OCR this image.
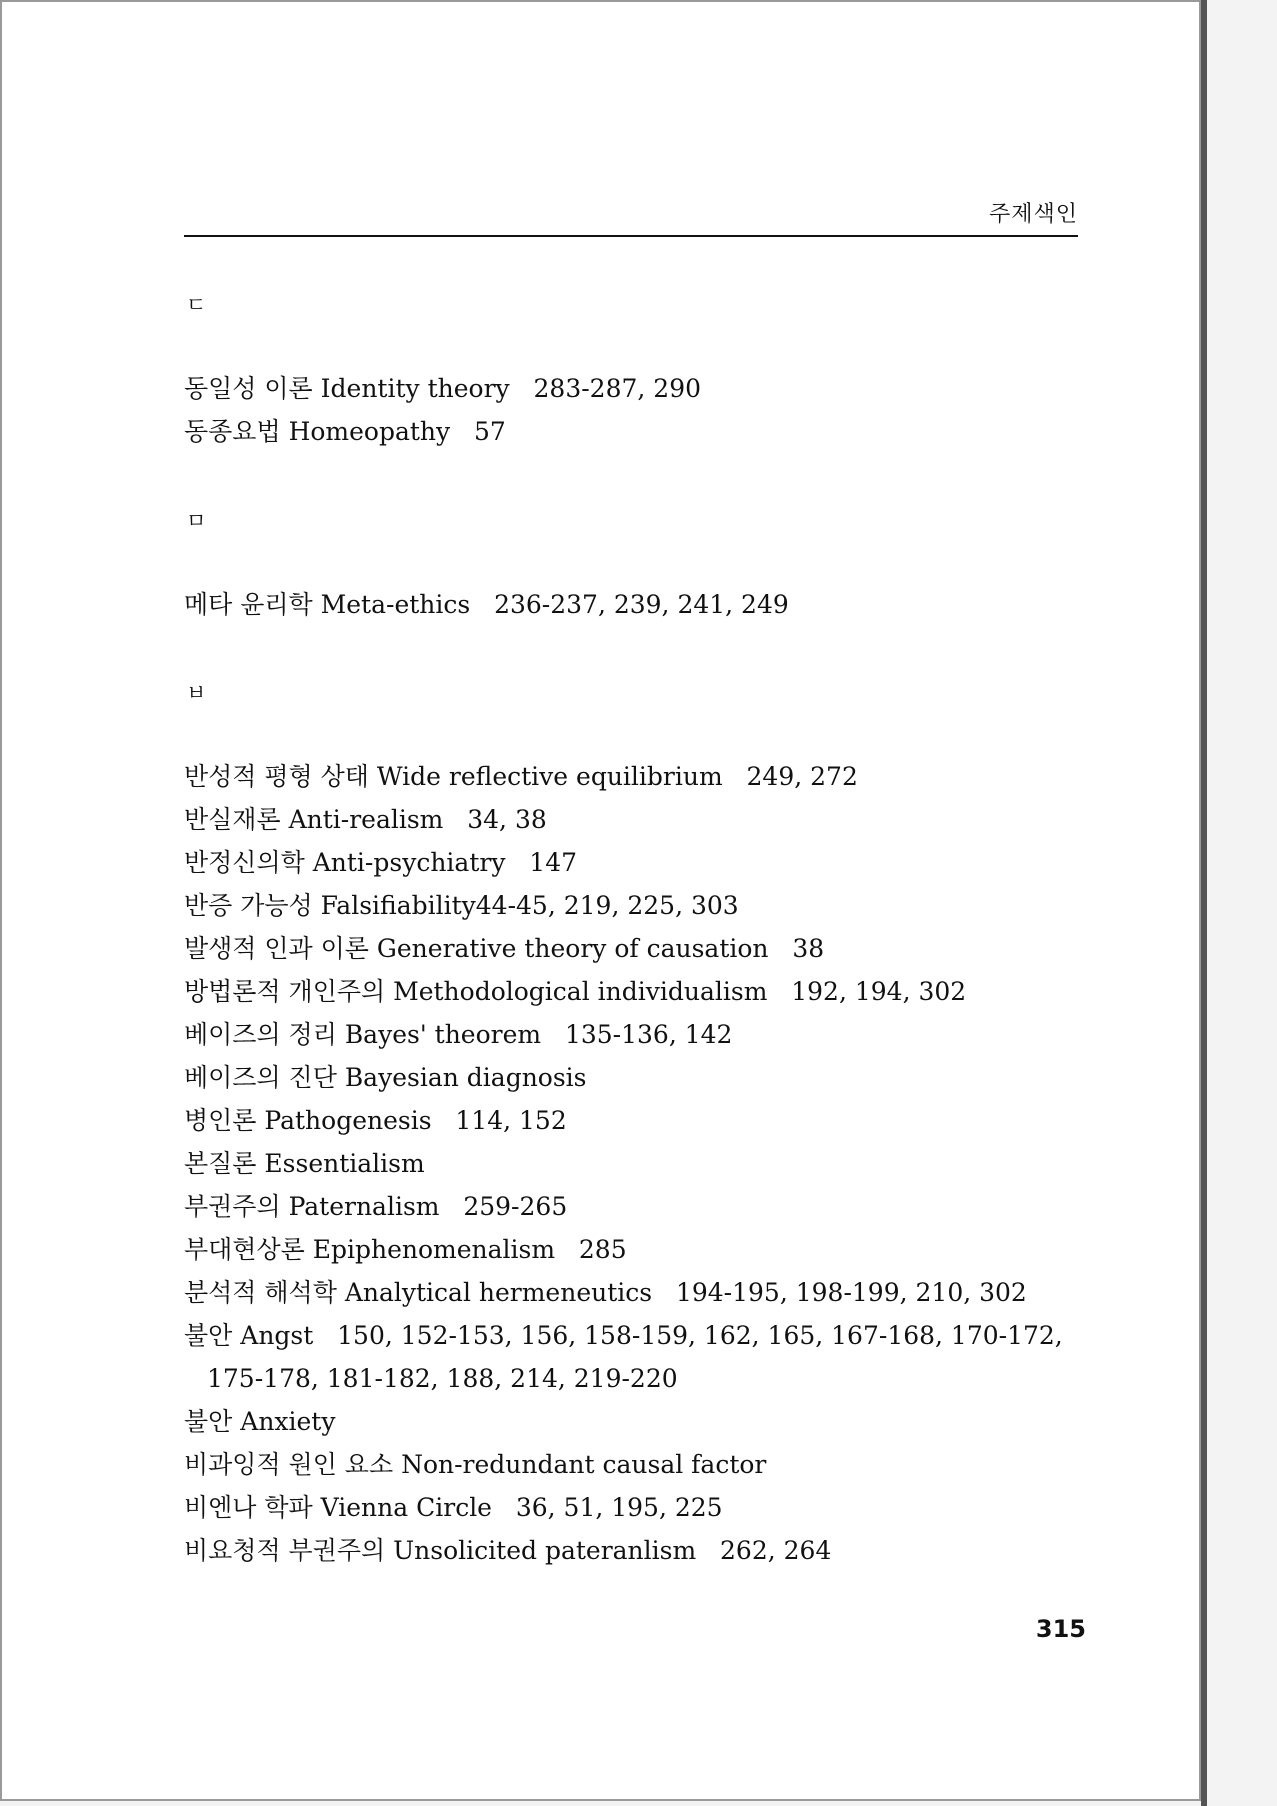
주제색인
ㄷ
동일성 이론 Identity theory 283-287, 290
동종요법 Homeopathy 57
ㅁ
메타 윤리학 Meta-ethics 236-237, 239, 241, 249
ㅂ
반성적 평형 상태 Wide reflective equilibrium 249, 272
반실재론 Anti-realism 34, 38
반정신의학 Anti-psychiatry 147
반증 가능성 Falsifiability44-45, 219, 225, 303
발생적 인과 이론 Generative theory of causation 38
방법론적 개인주의 Methodological individualism 192, 194, 302
베이즈의 정리 Bayes' theorem 135-136, 142
베이즈의 진단 Bayesian diagnosis
병인론 Pathogenesis 114, 152
본질론 Essentialism
부권주의 Paternalism 259-265
부대현상론 Epiphenomenalism 285
분석적 해석학 Analytical hermeneutics 194-195, 198-199, 210, 302
불안 Angst 150, 152-153, 156, 158-159, 162, 165, 167-168, 170-172,
175-178, 181-182, 188, 214, 219-220
불안 Anxiety
비과잉적 원인 요소 Non-redundant causal factor
비엔나 학파 Vienna Circle 36, 51, 195, 225
비요청적 부권주의 Unsolicited pateranlism 262, 264
315
